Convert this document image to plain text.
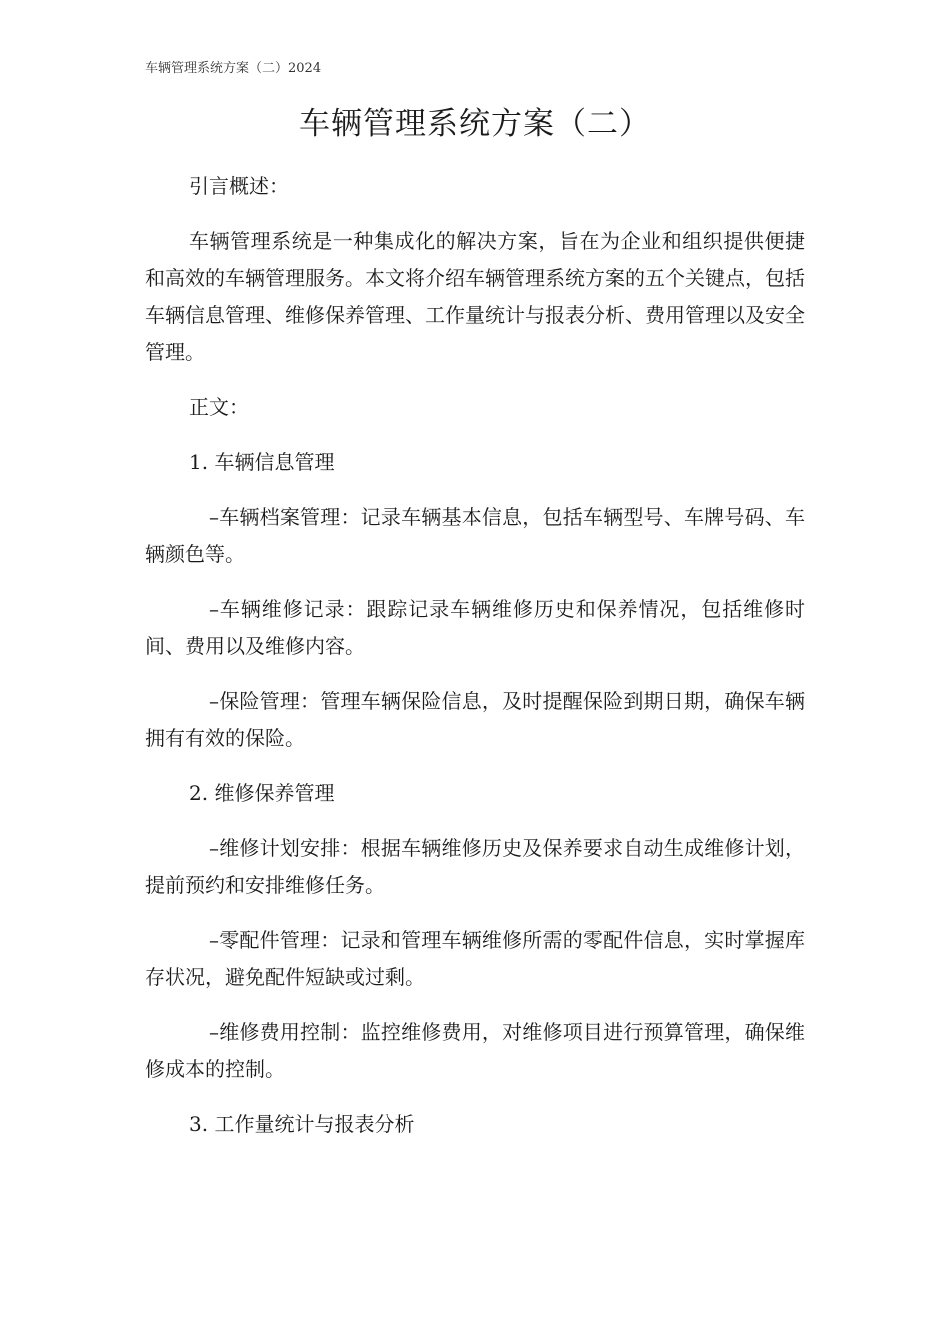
车辆管理系统方案（二）2024
车辆管理系统方案（二）

引言概述：

车辆管理系统是一种集成化的解决方案，旨在为企业和组织提供便捷和高效的车辆管理服务。本文将介绍车辆管理系统方案的五个关键点，包括车辆信息管理、维修保养管理、工作量统计与报表分析、费用管理以及安全管理。

正文：

1. 车辆信息管理

–车辆档案管理：记录车辆基本信息，包括车辆型号、车牌号码、车辆颜色等。

–车辆维修记录：跟踪记录车辆维修历史和保养情况，包括维修时间、费用以及维修内容。

–保险管理：管理车辆保险信息，及时提醒保险到期日期，确保车辆拥有有效的保险。

2. 维修保养管理

–维修计划安排：根据车辆维修历史及保养要求自动生成维修计划，提前预约和安排维修任务。

–零配件管理：记录和管理车辆维修所需的零配件信息，实时掌握库存状况，避免配件短缺或过剩。

–维修费用控制：监控维修费用，对维修项目进行预算管理，确保维修成本的控制。

3. 工作量统计与报表分析
